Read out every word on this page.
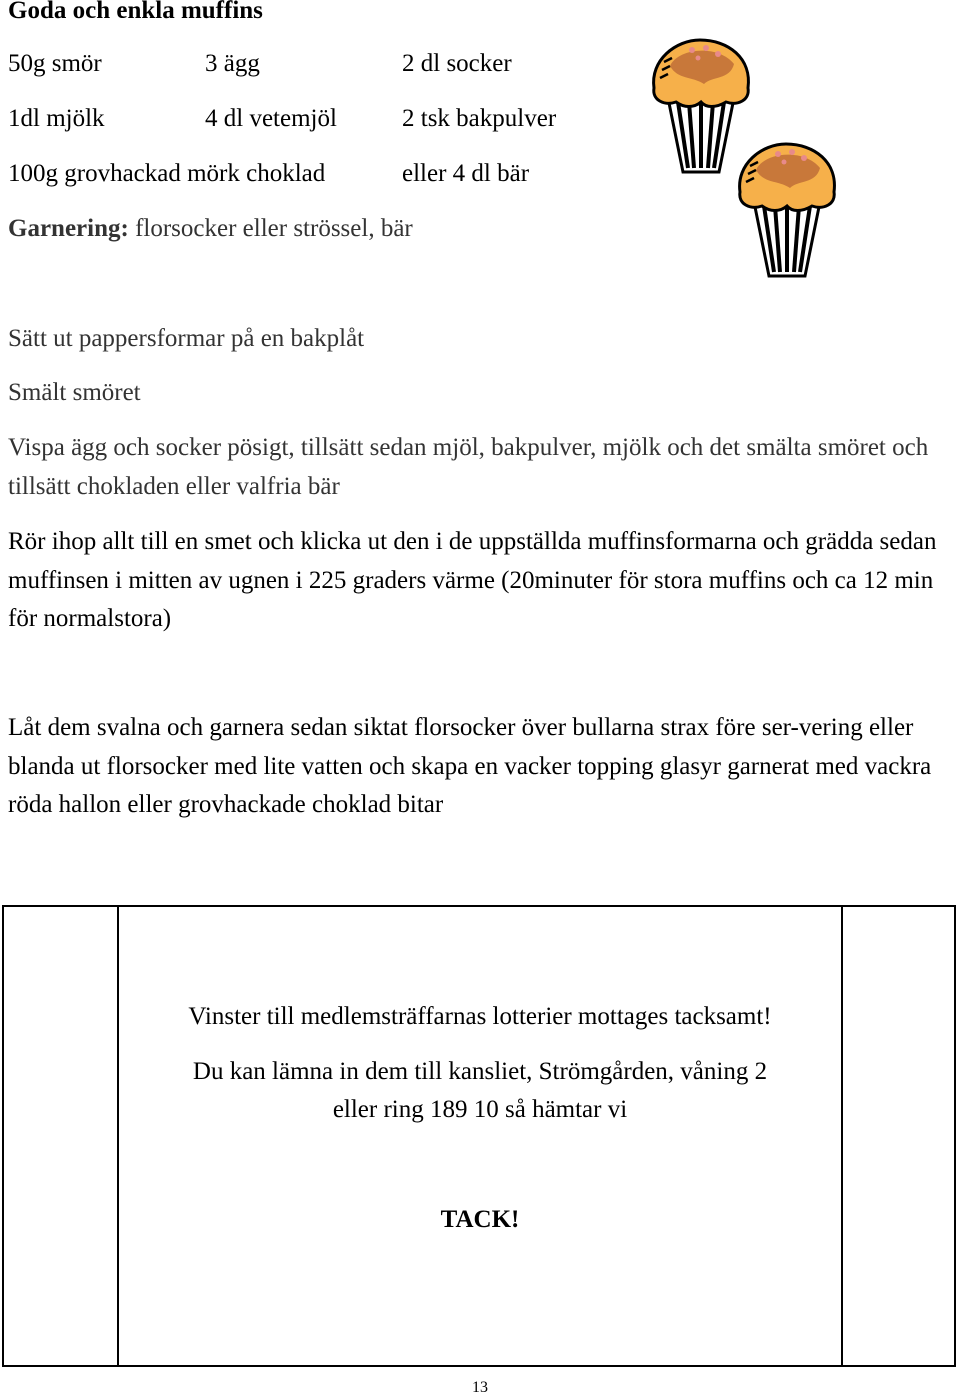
Goda och enkla muffins
50g smör	3 ägg	2 dl socker
1dl mjölk	4 dl vetemjöl	2 tsk bakpulver
100g grovhackad mörk choklad	eller 4 dl bär
Garnering: florsocker eller strössel, bär
Sätt ut pappersformar på en bakplåt
Smält smöret
Vispa ägg och socker pösigt, tillsätt sedan mjöl, bakpulver, mjölk och det smälta smöret och tillsätt chokladen eller valfria bär
Rör ihop allt till en smet och klicka ut den i de uppställda muffinsformarna och grädda sedan muffinsen i mitten av ugnen i 225 graders värme (20minuter för stora muffins och ca 12 min för normalstora)
Låt dem svalna och garnera sedan siktat florsocker över bullarna strax före ser-vering eller blanda ut florsocker med lite vatten och skapa en vacker topping glasyr garnerat med vackra röda hallon eller grovhackade choklad bitar
Vinster till medlemsträffarnas lotterier mottages tacksamt!
Du kan lämna in dem till kansliet, Strömgården, våning 2
eller ring 189 10 så hämtar vi
TACK!
13
